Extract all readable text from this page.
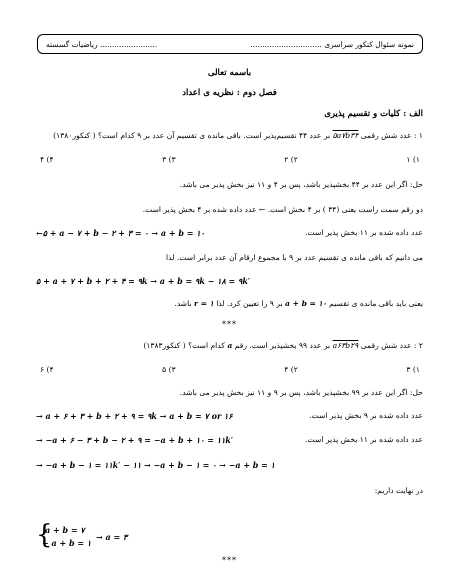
نمونه سئوال کنکور سراسری ..............................
........................ ریاضیات گسسته
باسمه تعالی
فصل دوم : نظریه ی اعداد
الف : کلیات و تقسیم پذیری
۱ : عدد شش رقمی ۵a۷b۳۴ بر عدد ۴۴ تقسیم‌پذیر است. باقی مانده ی تقسیم آن عدد بر ۹ کدام است؟ ( کنکور۱۳۸۰)
۱) ۱
۲) ۲
۳) ۳
۴) ۴
حل: اگر این عدد بر ۴۴ بخشپذیر باشد، پس بر ۴ و ۱۱ نیز بخش پذیر می باشد.
دو رقم سمت راست یعنی (۳۴ ) بر ۴ بخش است. ← عدد داده شده بر ۴ بخش پذیر است.
عدد داده شده بر ۱۱ بخش پذیر است.
←۵ + a − ۷ + b − ۲ + ۳ = ۰ → a + b = ۱۰
می دانیم که باقی مانده ی تقسیم عدد بر ۹ با مجموع ارقام آن عدد برابر است. لذا
۵ + a + ۷ + b + ۲ + ۴ = ۹k → a + b = ۹k − ۱۸ = ۹k′
یعنی باید باقی مانده ی تقسیم a + b = ۱۰ بر ۹ را تعیین کرد. لذا r = ۱ باشد.
***
۲ : عدد شش رقمی a۶۳b۲۹ بر عدد ۹۹ بخشپذیر است. رقم a کدام است؟ ( کنکور۱۳۸۳)
۱) ۳
۲) ۴
۳) ۵
۴) ۶
حل: اگر این عدد بر ۹۹ بخشپذیر باشد، پس بر ۹ و ۱۱ نیز بخش پذیر می باشد.
عدد داده شده بر ۹ بخش پذیر است.
→ a + ۶ + ۳ + b + ۲ + ۹ = ۹k → a + b = ۷ or ۱۶
عدد داده شده بر ۱۱ بخش پذیر است.
→ −a + ۶ − ۳ + b − ۲ + ۹ = −a + b + ۱۰ = ۱۱k′
→ −a + b − ۱ = ۱۱k′ − ۱۱ → −a + b − ۱ = ۰ → −a + b = ۱
در نهایت داریم:
{
a + b = ۷
− a + b = ۱
→ a = ۳
***
